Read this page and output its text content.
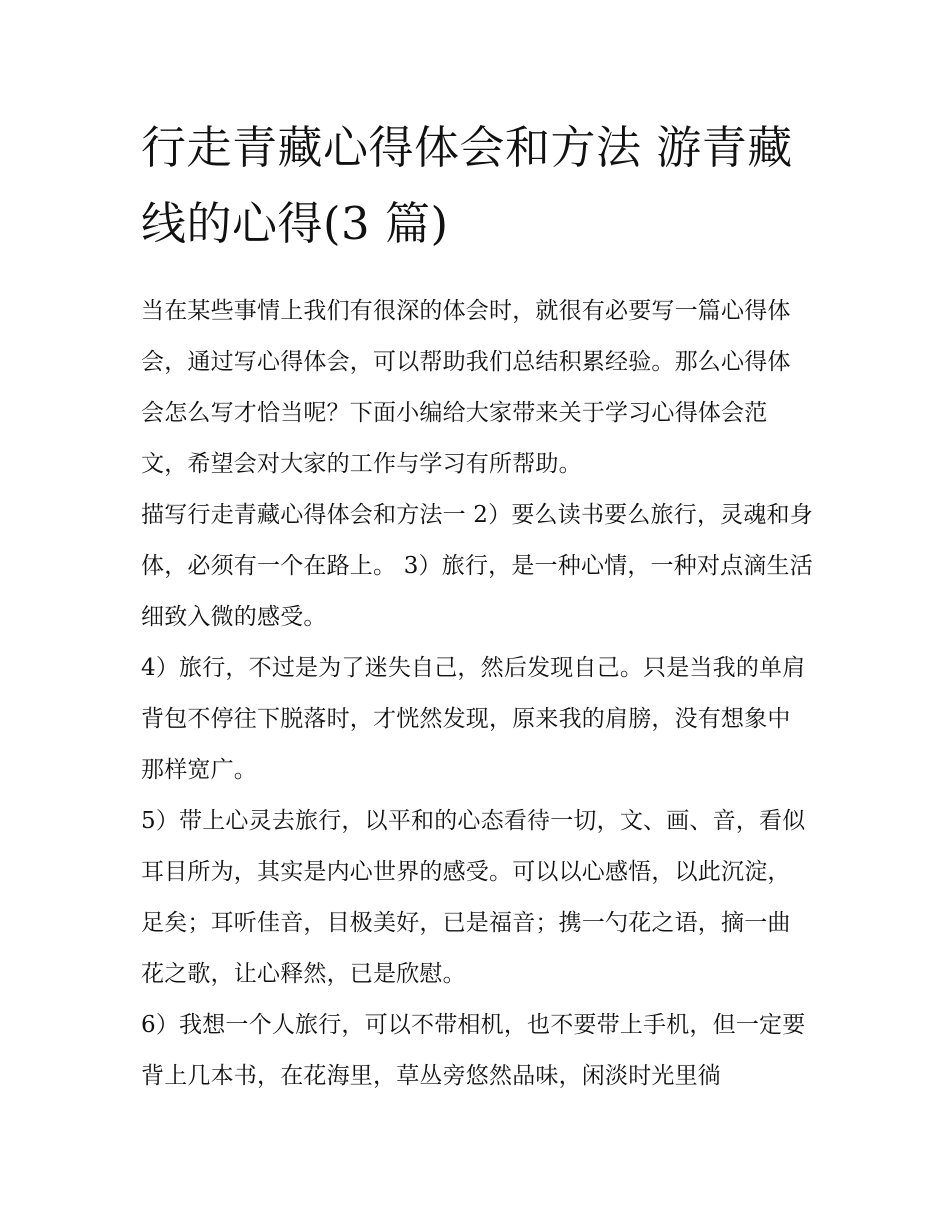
行走青藏心得体会和方法 游青藏线的心得(3 篇)

当在某些事情上我们有很深的体会时，就很有必要写一篇心得体会，通过写心得体会，可以帮助我们总结积累经验。那么心得体会怎么写才恰当呢？下面小编给大家带来关于学习心得体会范文，希望会对大家的工作与学习有所帮助。

描写行走青藏心得体会和方法一 2）要么读书要么旅行，灵魂和身体，必须有一个在路上。 3）旅行，是一种心情，一种对点滴生活细致入微的感受。

4）旅行，不过是为了迷失自己，然后发现自己。只是当我的单肩背包不停往下脱落时，才恍然发现，原来我的肩膀，没有想象中那样宽广。

5）带上心灵去旅行，以平和的心态看待一切，文、画、音，看似耳目所为，其实是内心世界的感受。可以以心感悟，以此沉淀，足矣；耳听佳音，目极美好，已是福音；携一勺花之语，摘一曲花之歌，让心释然，已是欣慰。

6）我想一个人旅行，可以不带相机，也不要带上手机，但一定要背上几本书，在花海里，草丛旁悠然品味，闲淡时光里徜
